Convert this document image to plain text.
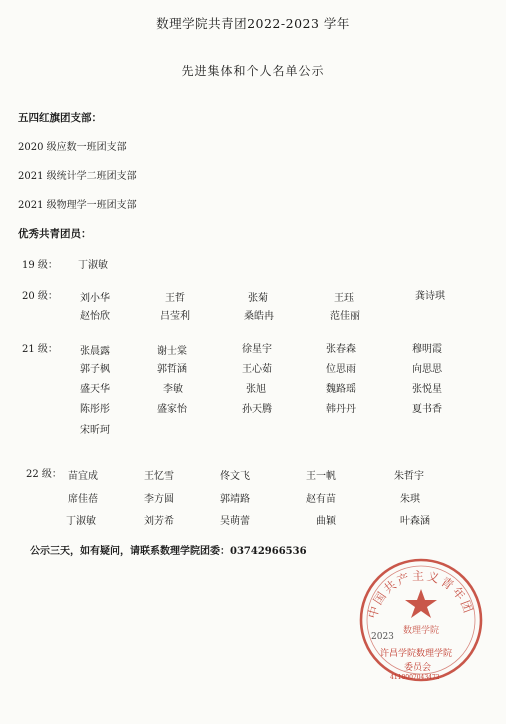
数理学院共青团2022-2023 学年
先进集体和个人名单公示
五四红旗团支部：
2020 级应数一班团支部
2021 级统计学二班团支部
2021 级物理学一班团支部
优秀共青团员：
19 级： 丁淑敏
20 级： 刘小华	王哲	张菊	王珏	龚诗琪
赵怡欣	吕莹利	桑皓冉	范佳丽
21 级： 张晨露	谢士棠	徐星宇	张春森	穆明霞
郭子枫	郭哲涵	王心茹	位思雨	向思思
盛天华	李敏	张旭	魏路瑶	张悦星
陈彤彤	盛家怡	孙天腾	韩丹丹	夏书香
宋昕珂
22 级： 苗宜成	王忆雪	佟文飞	王一帆	朱哲宇
席佳蓓	李方圆	郭靖路	赵有苗	朱琪
丁淑敏	刘芳希	吴萌蕾	曲颖	叶森涵
公示三天，如有疑问，请联系数理学院团委：03742966536
中国共产主义青年团
数理学院
2023
许昌学院数理学院
委员会
4110007043472
